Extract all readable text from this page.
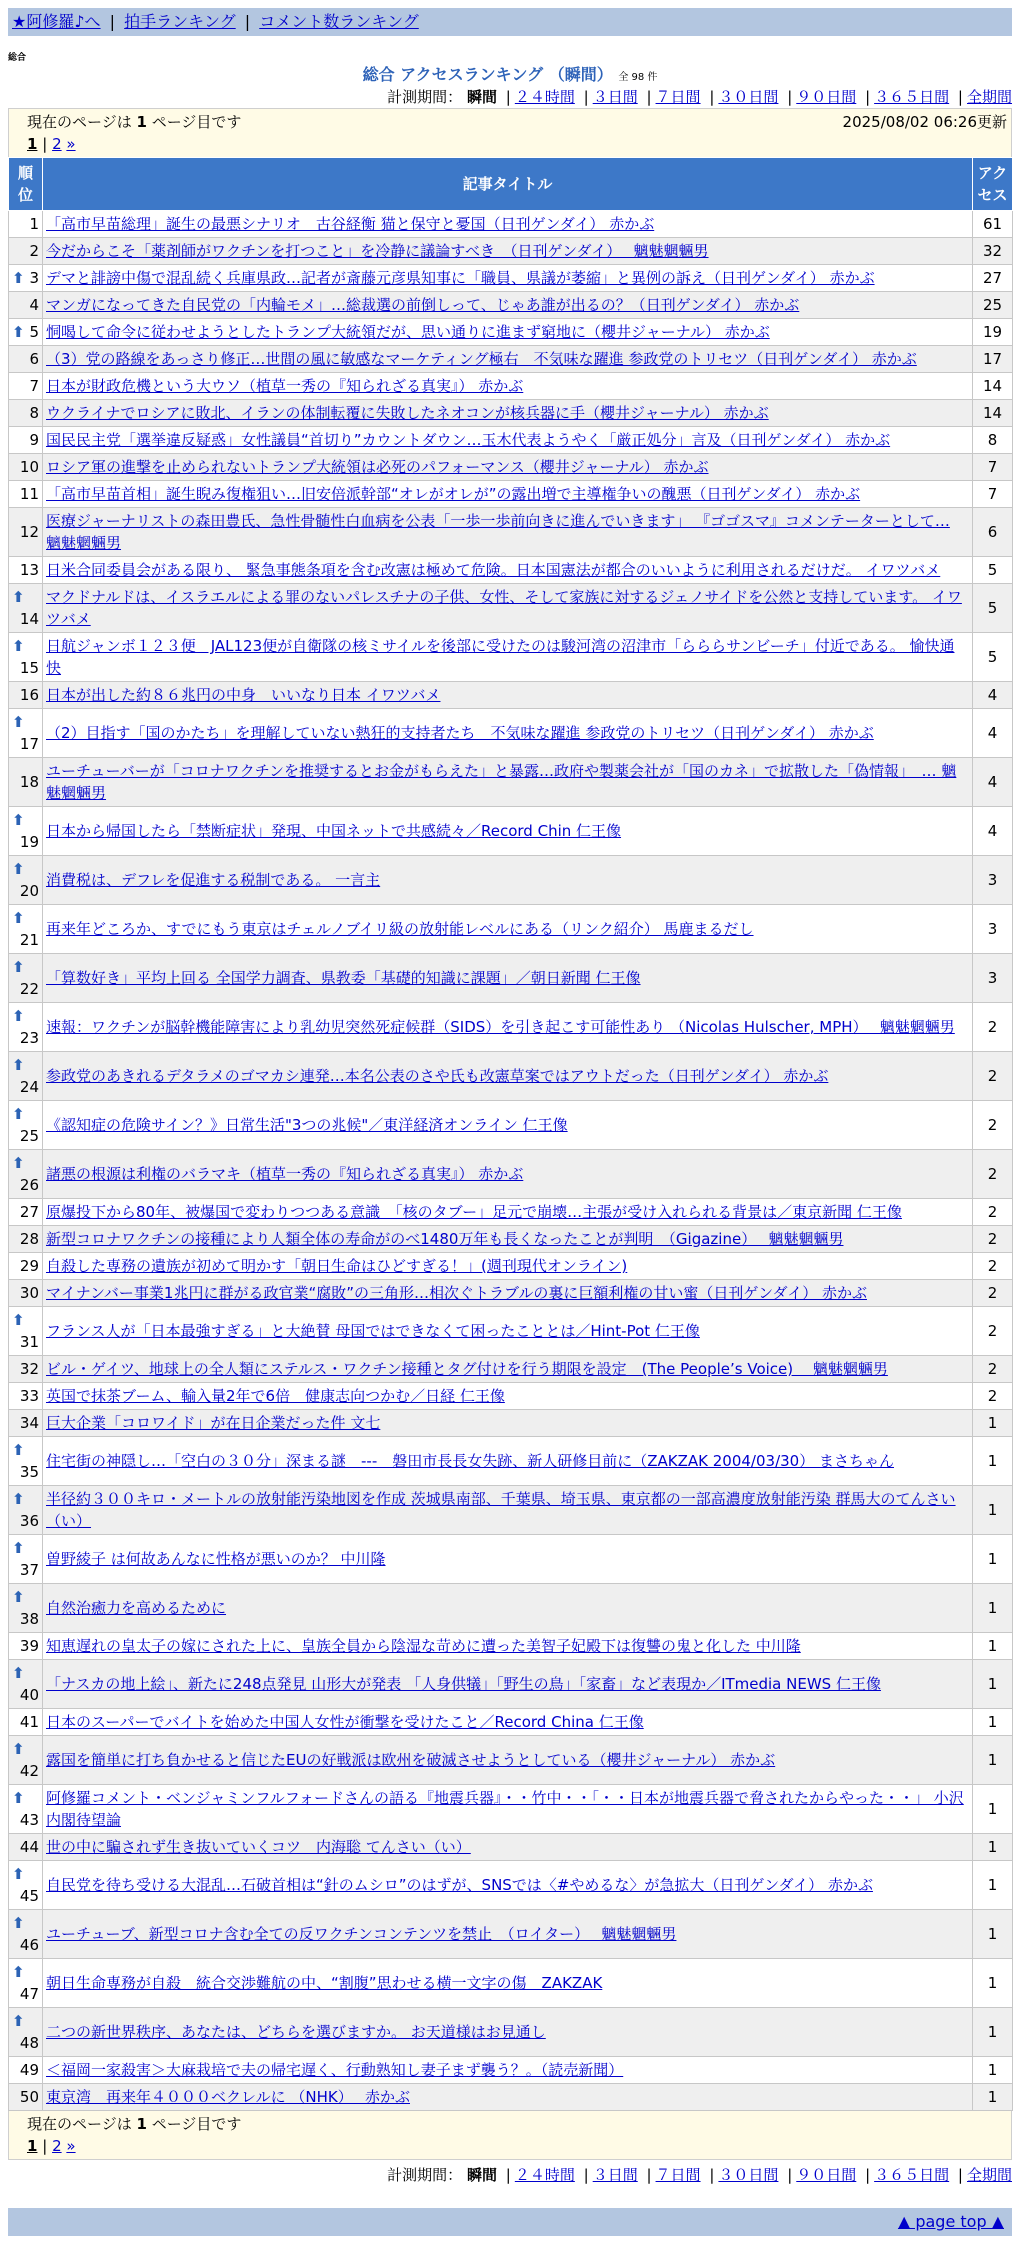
★阿修羅♪へ | 拍手ランキング | コメント数ランキング
総合
総合 アクセスランキング （瞬間） 全 98 件
計測期間： 瞬間 | ２４時間 | ３日間 | ７日間 | ３０日間 | ９０日間 | ３６５日間 | 全期間
現在のページは 1 ページ目です	2025/08/02 06:26更新
1 | 2 »
順位	記事タイトル	アクセス
1	「高市早苗総理」誕生の最悪シナリオ　古谷経衡 猫と保守と憂国（日刊ゲンダイ） 赤かぶ	61
2	今だからこそ「薬剤師がワクチンを打つこと」を冷静に議論すべき　（日刊ゲンダイ）　 魑魅魍魎男	32

⬆ 3	デマと誹謗中傷で混乱続く兵庫県政…記者が斎藤元彦県知事に「職員、県議が萎縮」と異例の訴え（日刊ゲンダイ） 赤かぶ	27
4	マンガになってきた自民党の「内輪モメ」…総裁選の前倒しって、じゃあ誰が出るの？（日刊ゲンダイ） 赤かぶ	25

⬆ 5	恫喝して命令に従わせようとしたトランプ大統領だが、思い通りに進まず窮地に（櫻井ジャーナル） 赤かぶ	19
6	（3）党の路線をあっさり修正…世間の風に敏感なマーケティング極右　不気味な躍進 参政党のトリセツ（日刊ゲンダイ） 赤かぶ	17
7	日本が財政危機という大ウソ（植草一秀の『知られざる真実』） 赤かぶ	14
8	ウクライナでロシアに敗北、イランの体制転覆に失敗したネオコンが核兵器に手（櫻井ジャーナル） 赤かぶ	14
9	国民民主党「選挙違反疑惑」女性議員“首切り”カウントダウン…玉木代表ようやく「厳正処分」言及（日刊ゲンダイ） 赤かぶ	8
10	ロシア軍の進撃を止められないトランプ大統領は必死のパフォーマンス（櫻井ジャーナル） 赤かぶ	7
11	「高市早苗首相」誕生睨み復権狙い…旧安倍派幹部“オレがオレが”の露出増で主導権争いの醜悪（日刊ゲンダイ） 赤かぶ	7
12	医療ジャーナリストの森田豊氏、急性骨髄性白血病を公表「一歩一歩前向きに進んでいきます」 『ゴゴスマ』コメンテーターとして… 魑魅魍魎男	6
13	日米合同委員会がある限り、 緊急事態条項を含む改憲は極めて危険。日本国憲法が都合のいいように利用されるだけだ。 イワツバメ	5

⬆
14	マクドナルドは、イスラエルによる罪のないパレスチナの子供、女性、そして家族に対するジェノサイドを公然と支持しています。 イワツバメ	5

⬆
15	日航ジャンボ１２３便　JAL123便が自衛隊の核ミサイルを後部に受けたのは駿河湾の沼津市「らららサンビーチ」付近である。 愉快通快	5
16	日本が出した約８６兆円の中身　いいなり日本 イワツバメ	4

⬆
17	（2）目指す「国のかたち」を理解していない熱狂的支持者たち　不気味な躍進 参政党のトリセツ（日刊ゲンダイ） 赤かぶ	4
18	ユーチューバーが「コロナワクチンを推奨するとお金がもらえた」と暴露…政府や製薬会社が「国のカネ」で拡散した「偽情報」　… 魑魅魍魎男	4

⬆
19	日本から帰国したら「禁断症状」発現、中国ネットで共感続々／Record Chin 仁王像	4

⬆
20	消費税は、デフレを促進する税制である。 一言主	3

⬆
21	再来年どころか、すでにもう東京はチェルノブイリ級の放射能レベルにある（リンク紹介） 馬鹿まるだし	3

⬆
22	「算数好き」平均上回る 全国学力調査、県教委「基礎的知識に課題」／朝日新聞 仁王像	3

⬆
23	速報：ワクチンが脳幹機能障害により乳幼児突然死症候群（SIDS）を引き起こす可能性あり （Nicolas Hulscher, MPH）　 魑魅魍魎男	2

⬆
24	参政党のあきれるデタラメのゴマカシ連発…本名公表のさや氏も改憲草案ではアウトだった（日刊ゲンダイ） 赤かぶ	2

⬆
25	《認知症の危険サイン？》日常生活"3つの兆候"／東洋経済オンライン 仁王像	2

⬆
26	諸悪の根源は利権のバラマキ（植草一秀の『知られざる真実』） 赤かぶ	2
27	原爆投下から80年、被爆国で変わりつつある意識　「核のタブー」足元で崩壊…主張が受け入れられる背景は／東京新聞 仁王像	2
28	新型コロナワクチンの接種により人類全体の寿命がのべ1480万年も長くなったことが判明　（Gigazine）　 魑魅魍魎男	2
29	自殺した専務の遺族が初めて明かす「朝日生命はひどすぎる！」(週刊現代オンライン)	2
30	マイナンバー事業1兆円に群がる政官業“腐敗”の三角形…相次ぐトラブルの裏に巨額利権の甘い蜜（日刊ゲンダイ） 赤かぶ	2

⬆
31	フランス人が「日本最強すぎる」と大絶賛 母国ではできなくて困ったこととは／Hint-Pot 仁王像	2
32	ビル・ゲイツ、地球上の全人類にステルス・ワクチン接種とタグ付けを行う期限を設定　(The People’s Voice)　 魑魅魍魎男	2
33	英国で抹茶ブーム、輸入量2年で6倍　健康志向つかむ／日経 仁王像	2
34	巨大企業「コロワイド」が在日企業だった件 文七	1

⬆
35	住宅街の神隠し…「空白の３０分」深まる謎　---　磐田市長長女失跡、新人研修目前に（ZAKZAK 2004/03/30） まさちゃん	1

⬆
36	半径約３００キロ・メートルの放射能汚染地図を作成 茨城県南部、千葉県、埼玉県、東京都の一部高濃度放射能汚染 群馬大のてんさい（い）	1

⬆
37	曽野綾子 は何故あんなに性格が悪いのか？ 中川隆	1

⬆
38	自然治癒力を高めるために	1
39	知恵遅れの皇太子の嫁にされた上に、皇族全員から陰湿な苛めに遭った美智子妃殿下は復讐の鬼と化した 中川隆	1

⬆
40	「ナスカの地上絵」、新たに248点発見 山形大が発表 「人身供犠」「野生の鳥」「家畜」など表現か／ITmedia NEWS 仁王像	1
41	日本のスーパーでバイトを始めた中国人女性が衝撃を受けたこと／Record China 仁王像	1

⬆
42	露国を簡単に打ち負かせると信じたEUの好戦派は欧州を破滅させようとしている（櫻井ジャーナル） 赤かぶ	1

⬆
43	阿修羅コメント・ベンジャミンフルフォードさんの語る『地震兵器』・・竹中・・「・・日本が地震兵器で脅されたからやった・・」 小沢内閣待望論	1
44	世の中に騙されず生き抜いていくコツ　内海聡 てんさい（い）	1

⬆
45	自民党を待ち受ける大混乱…石破首相は“針のムシロ”のはずが、SNSでは〈#やめるな〉が急拡大（日刊ゲンダイ） 赤かぶ	1

⬆
46	ユーチューブ、新型コロナ含む全ての反ワクチンコンテンツを禁止　（ロイター）　 魑魅魍魎男	1

⬆
47	朝日生命専務が自殺　統合交渉難航の中、“割腹”思わせる横一文字の傷　ZAKZAK	1

⬆
48	二つの新世界秩序、あなたは、どちらを選びますか。 お天道様はお見通し	1
49	＜福岡一家殺害＞大麻栽培で夫の帰宅遅く、行動熟知し妻子まず襲う？。（読売新聞）	1
50	東京湾　再来年４０００ベクレルに （NHK）　 赤かぶ	1
現在のページは 1 ページ目です
1 | 2 »
計測期間： 瞬間 | ２４時間 | ３日間 | ７日間 | ３０日間 | ９０日間 | ３６５日間 | 全期間
▲ page top ▲
